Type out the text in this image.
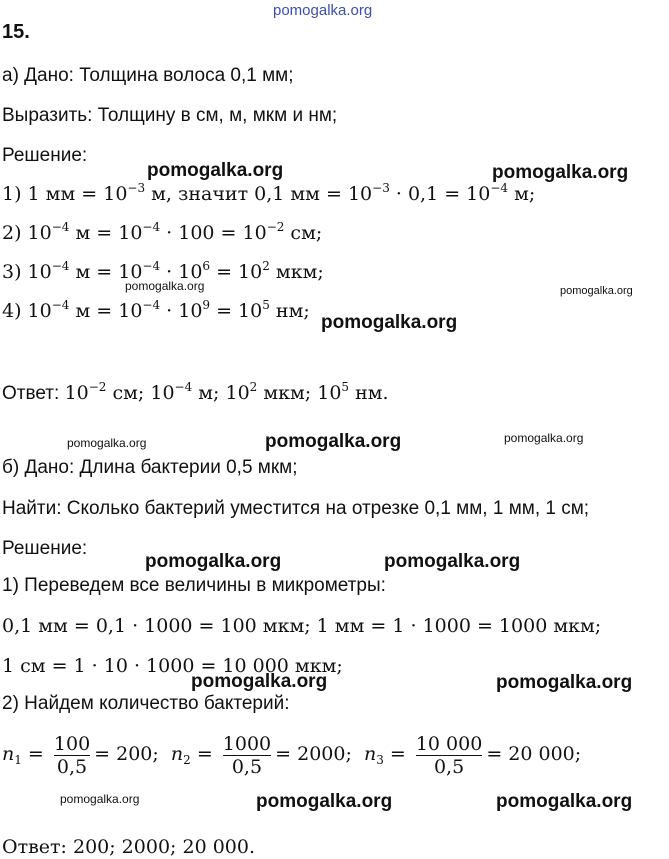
pomogalka.org
15.
а) Дано: Толщина волоса 0,1 мм;
Выразить: Толщину в см, м, мкм и нм;
Решение:
1) 1 мм = $10^{-3}$ м, значит 0,1 мм = $10^{-3} \cdot 0,1 = 10^{-4}$ м;
2) $10^{-4}$ $м = 10^{-4} \cdot 100 = 10^{-2}$ см;
3) $10^{-4}$ $м = 10^{-4} \cdot 10^6 = 10^2$ мкм;
4) $10^{-4}$ $м = 10^{-4} \cdot 10^9 = 10^5$ нм;
Ответ: $10^{-2}$ см; $10^{-4}$ м; $10^2$ мкм; $10^5$ нм.
б) Дано: Длина бактерии 0,5 мкм;
Найти: Сколько бактерий уместится на отрезке 0,1 мм, 1 мм, 1 см;
Решение:
1) Переведем все величины в микрометры:
0,1 мм = 0,1 · 1000 = 100 мкм; 1 мм = 1 · 1000 = 1000 мкм;
1 см = 1 · 10 · 1000 = 10 000 мкм;
2) Найдем количество бактерий:
$n_1 = \frac{100}{0,5} = 200$; $n_2 = \frac{1000}{0,5} = 2000$; $n_3 = \frac{10 000}{0,5} = 20$ 000;
Ответ: 200; 2000; 20 000.
pomogalka.org	pomogalka.org
pomogalka.org	pomogalka.org
pomogalka.org
pomogalka.org	pomogalka.org	pomogalka.org
pomogalka.org	pomogalka.org
pomogalka.org	pomogalka.org
pomogalka.org	pomogalka.org	pomogalka.org
